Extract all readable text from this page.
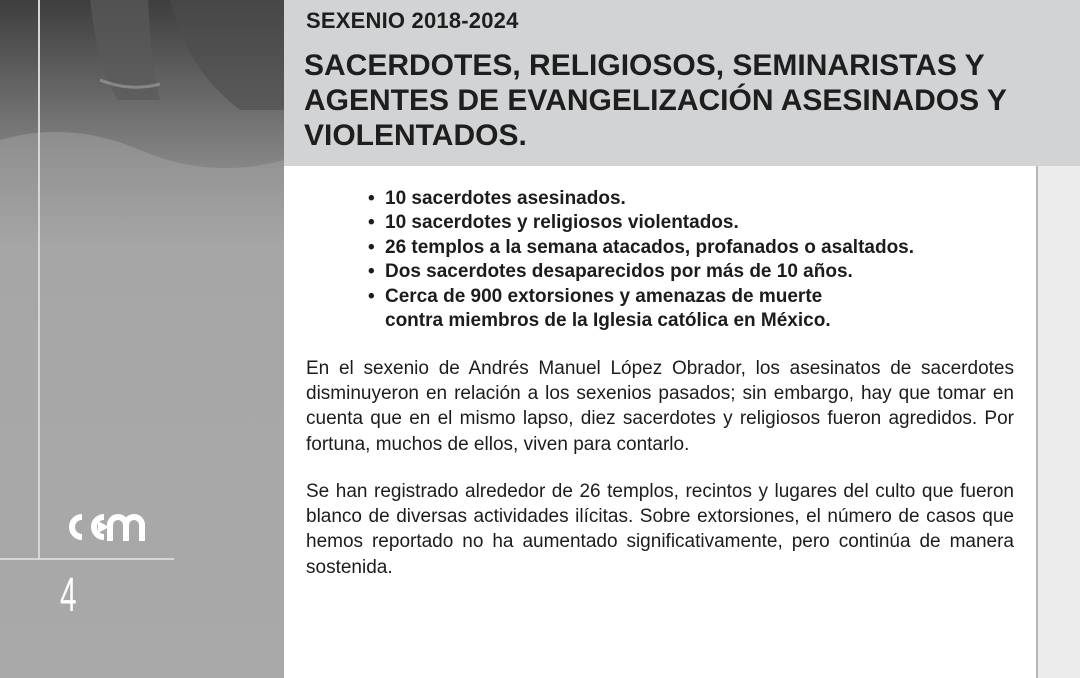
4
SEXENIO 2018-2024
SACERDOTES, RELIGIOSOS, SEMINARISTAS Y AGENTES DE EVANGELIZACIÓN ASESINADOS Y VIOLENTADOS.
• 10 sacerdotes asesinados.
• 10 sacerdotes y religiosos violentados.
• 26 templos a la semana atacados, profanados o asaltados.
• Dos sacerdotes desaparecidos por más de 10 años.
• Cerca de 900 extorsiones y amenazas de muerte contra miembros de la Iglesia católica en México.

En el sexenio de Andrés Manuel López Obrador, los asesinatos de sacerdotes disminuyeron en relación a los sexenios pasados; sin embargo, hay que tomar en cuenta que en el mismo lapso, diez sacerdotes y religiosos fueron agredidos. Por fortuna, muchos de ellos, viven para contarlo.

Se han registrado alrededor de 26 templos, recintos y lugares del culto que fueron blanco de diversas actividades ilícitas. Sobre extorsiones, el número de casos que hemos reportado no ha aumentado significativamente, pero continúa de manera sostenida.
